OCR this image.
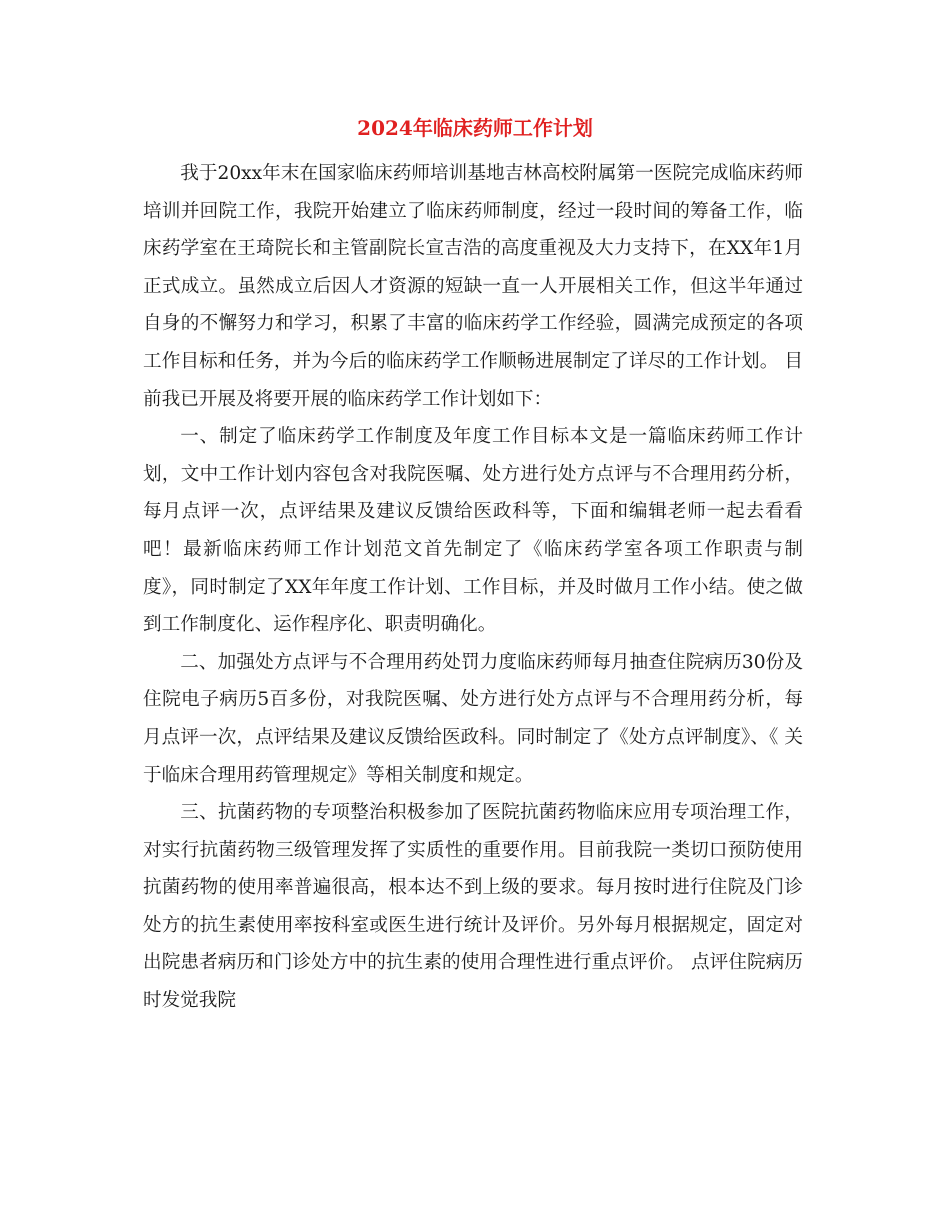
2024年临床药师工作计划

我于20xx年末在国家临床药师培训基地吉林高校附属第一医院完成临床药师培训并回院工作，我院开始建立了临床药师制度，经过一段时间的筹备工作，临床药学室在王琦院长和主管副院长宣吉浩的高度重视及大力支持下，在XX年1月正式成立。虽然成立后因人才资源的短缺一直一人开展相关工作，但这半年通过自身的不懈努力和学习，积累了丰富的临床药学工作经验，圆满完成预定的各项工作目标和任务，并为今后的临床药学工作顺畅进展制定了详尽的工作计划。 目前我已开展及将要开展的临床药学工作计划如下：

一、制定了临床药学工作制度及年度工作目标本文是一篇临床药师工作计划，文中工作计划内容包含对我院医嘱、处方进行处方点评与不合理用药分析，每月点评一次，点评结果及建议反馈给医政科等，下面和编辑老师一起去看看吧！最新临床药师工作计划范文首先制定了《临床药学室各项工作职责与制度》，同时制定了XX年年度工作计划、工作目标，并及时做月工作小结。使之做到工作制度化、运作程序化、职责明确化。

二、加强处方点评与不合理用药处罚力度临床药师每月抽查住院病历30份及住院电子病历5百多份，对我院医嘱、处方进行处方点评与不合理用药分析，每月点评一次，点评结果及建议反馈给医政科。同时制定了《处方点评制度》、《 关于临床合理用药管理规定》等相关制度和规定。

三、抗菌药物的专项整治积极参加了医院抗菌药物临床应用专项治理工作，对实行抗菌药物三级管理发挥了实质性的重要作用。目前我院一类切口预防使用抗菌药物的使用率普遍很高，根本达不到上级的要求。每月按时进行住院及门诊处方的抗生素使用率按科室或医生进行统计及评价。另外每月根据规定，固定对出院患者病历和门诊处方中的抗生素的使用合理性进行重点评价。 点评住院病历时发觉我院
